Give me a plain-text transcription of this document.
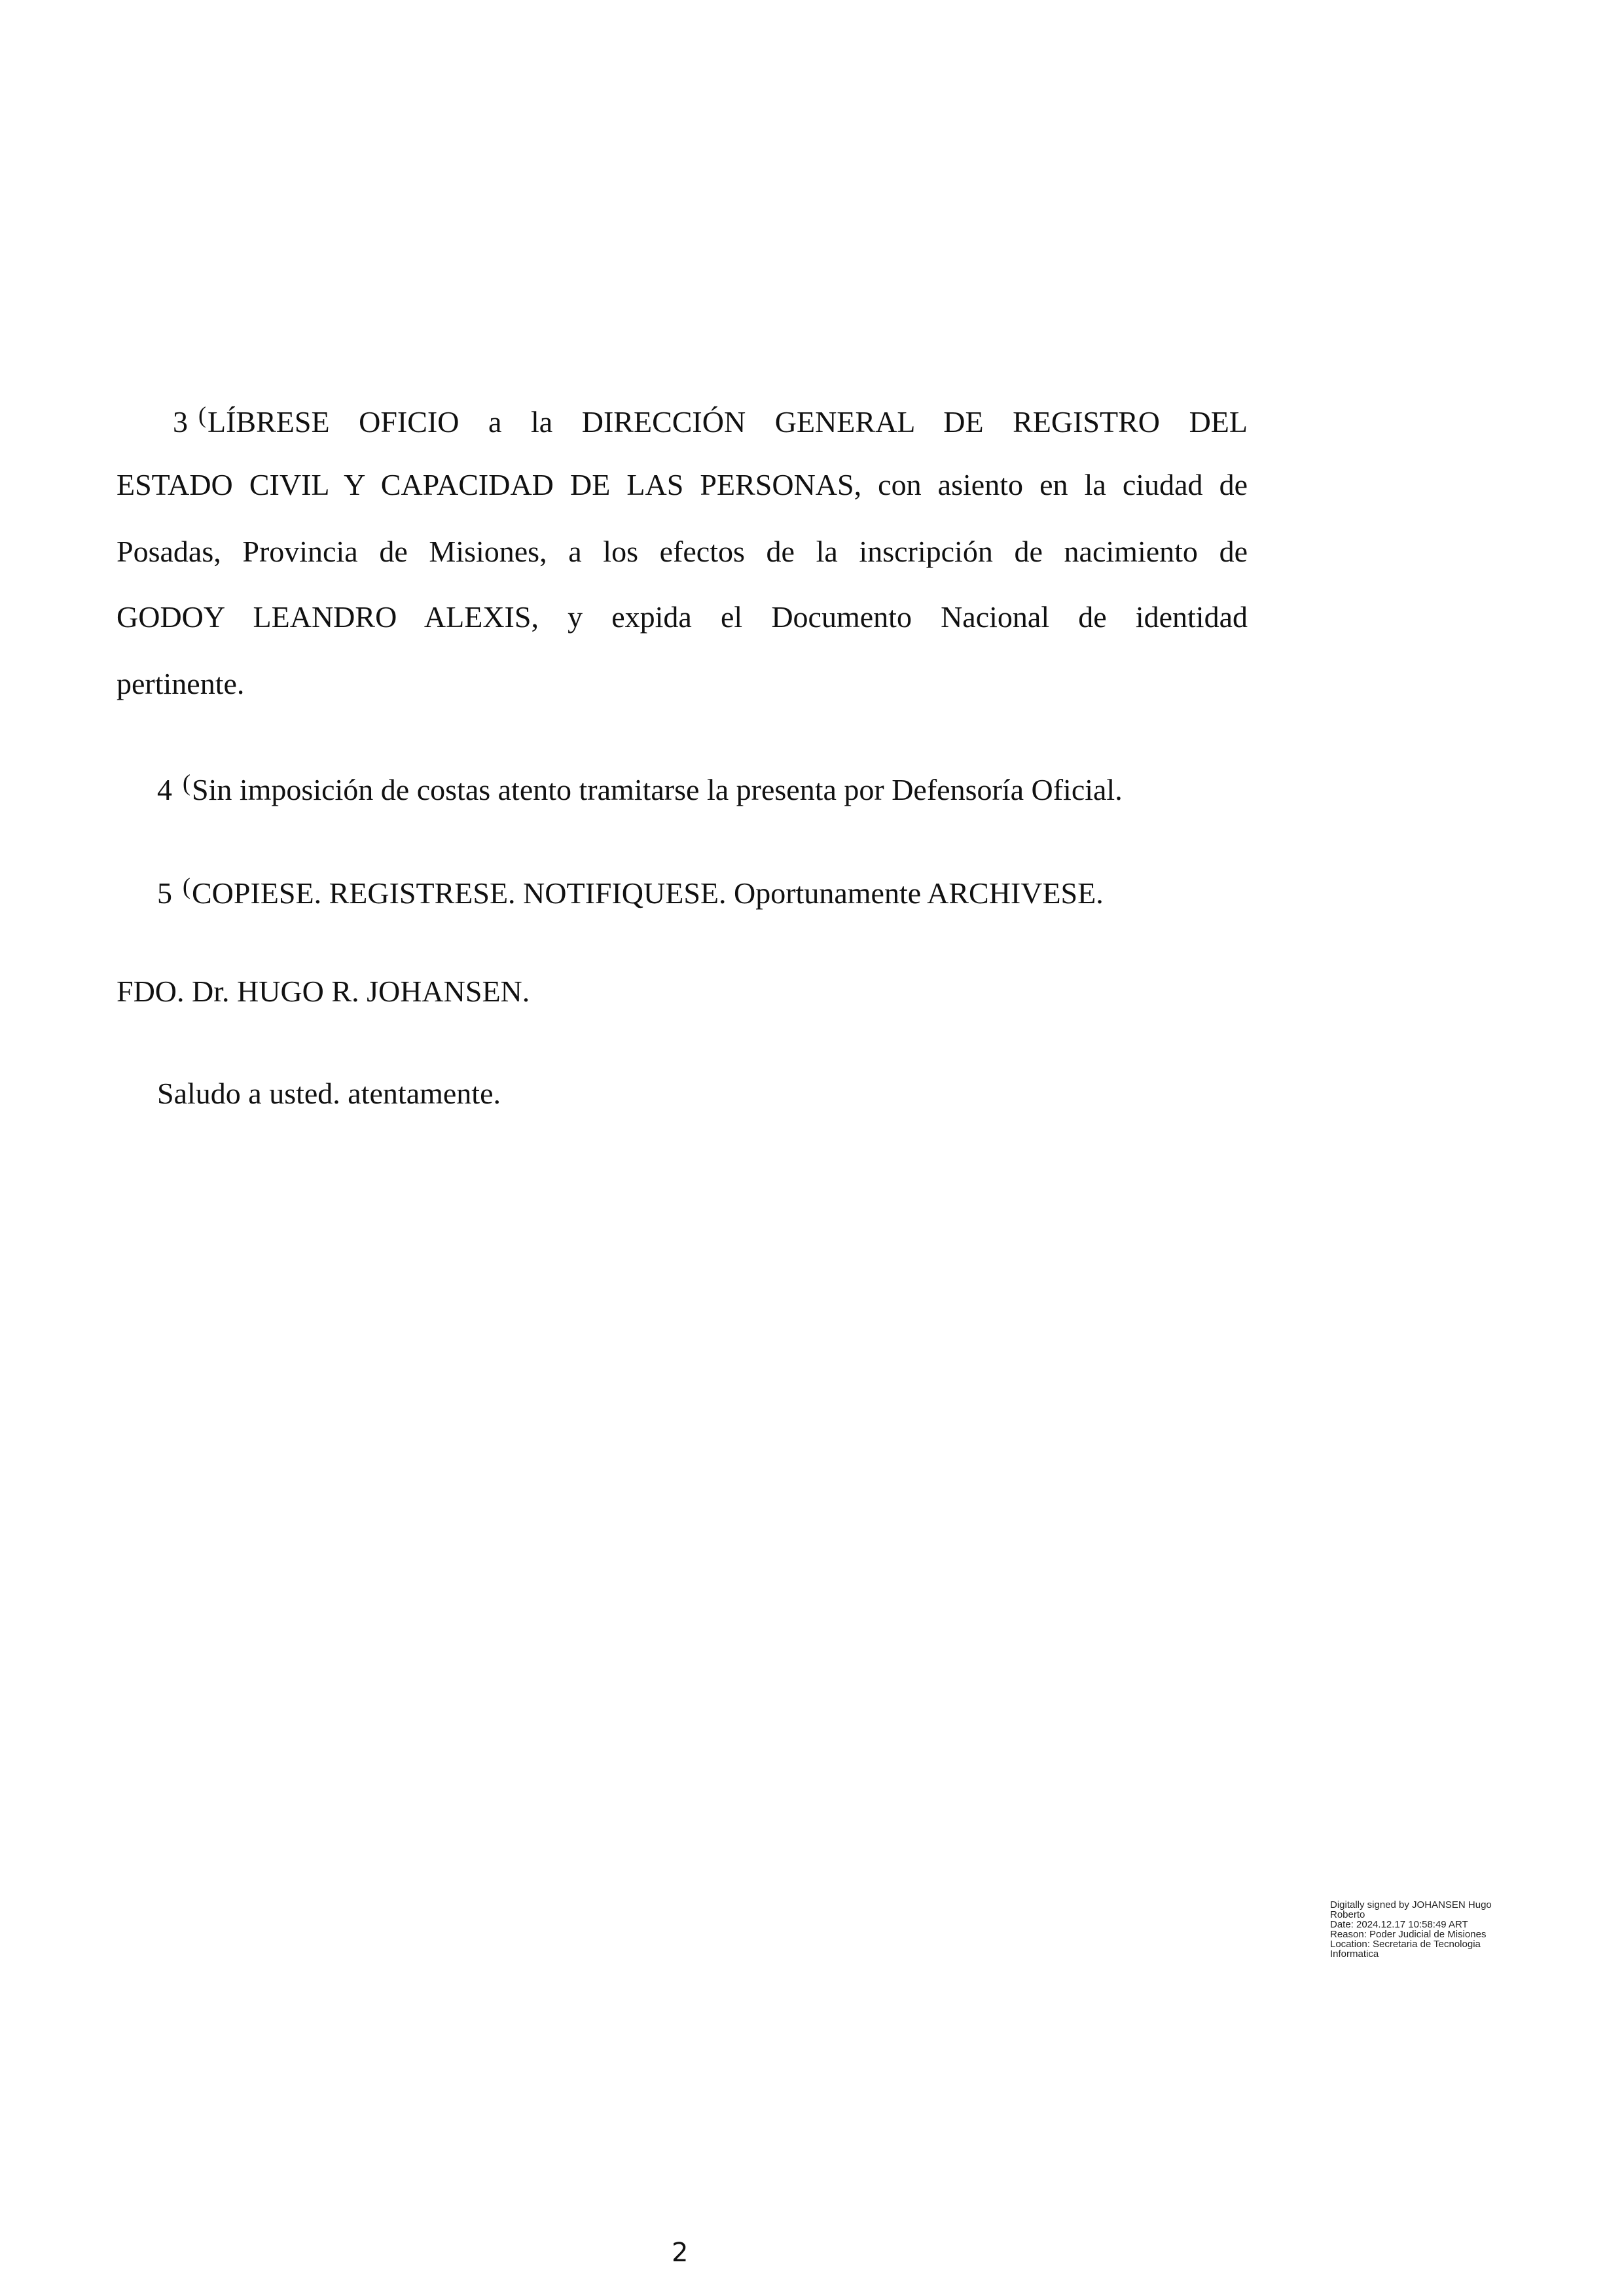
3 (LÍBRESE OFICIO a la DIRECCIÓN GENERAL DE REGISTRO DEL
ESTADO CIVIL Y CAPACIDAD DE LAS PERSONAS, con asiento en la ciudad de
Posadas, Provincia de Misiones, a los efectos de la inscripción de nacimiento de
GODOY LEANDRO ALEXIS, y expida el Documento Nacional de identidad
pertinente.
4 (Sin imposición de costas atento tramitarse la presenta por Defensoría Oficial.
5 (COPIESE. REGISTRESE. NOTIFIQUESE. Oportunamente ARCHIVESE.
FDO. Dr. HUGO R. JOHANSEN.
Saludo a usted. atentamente.
Digitally signed by JOHANSEN Hugo
Roberto
Date: 2024.12.17 10:58:49 ART
Reason: Poder Judicial de Misiones
Location: Secretaria de Tecnologia
Informatica
2
